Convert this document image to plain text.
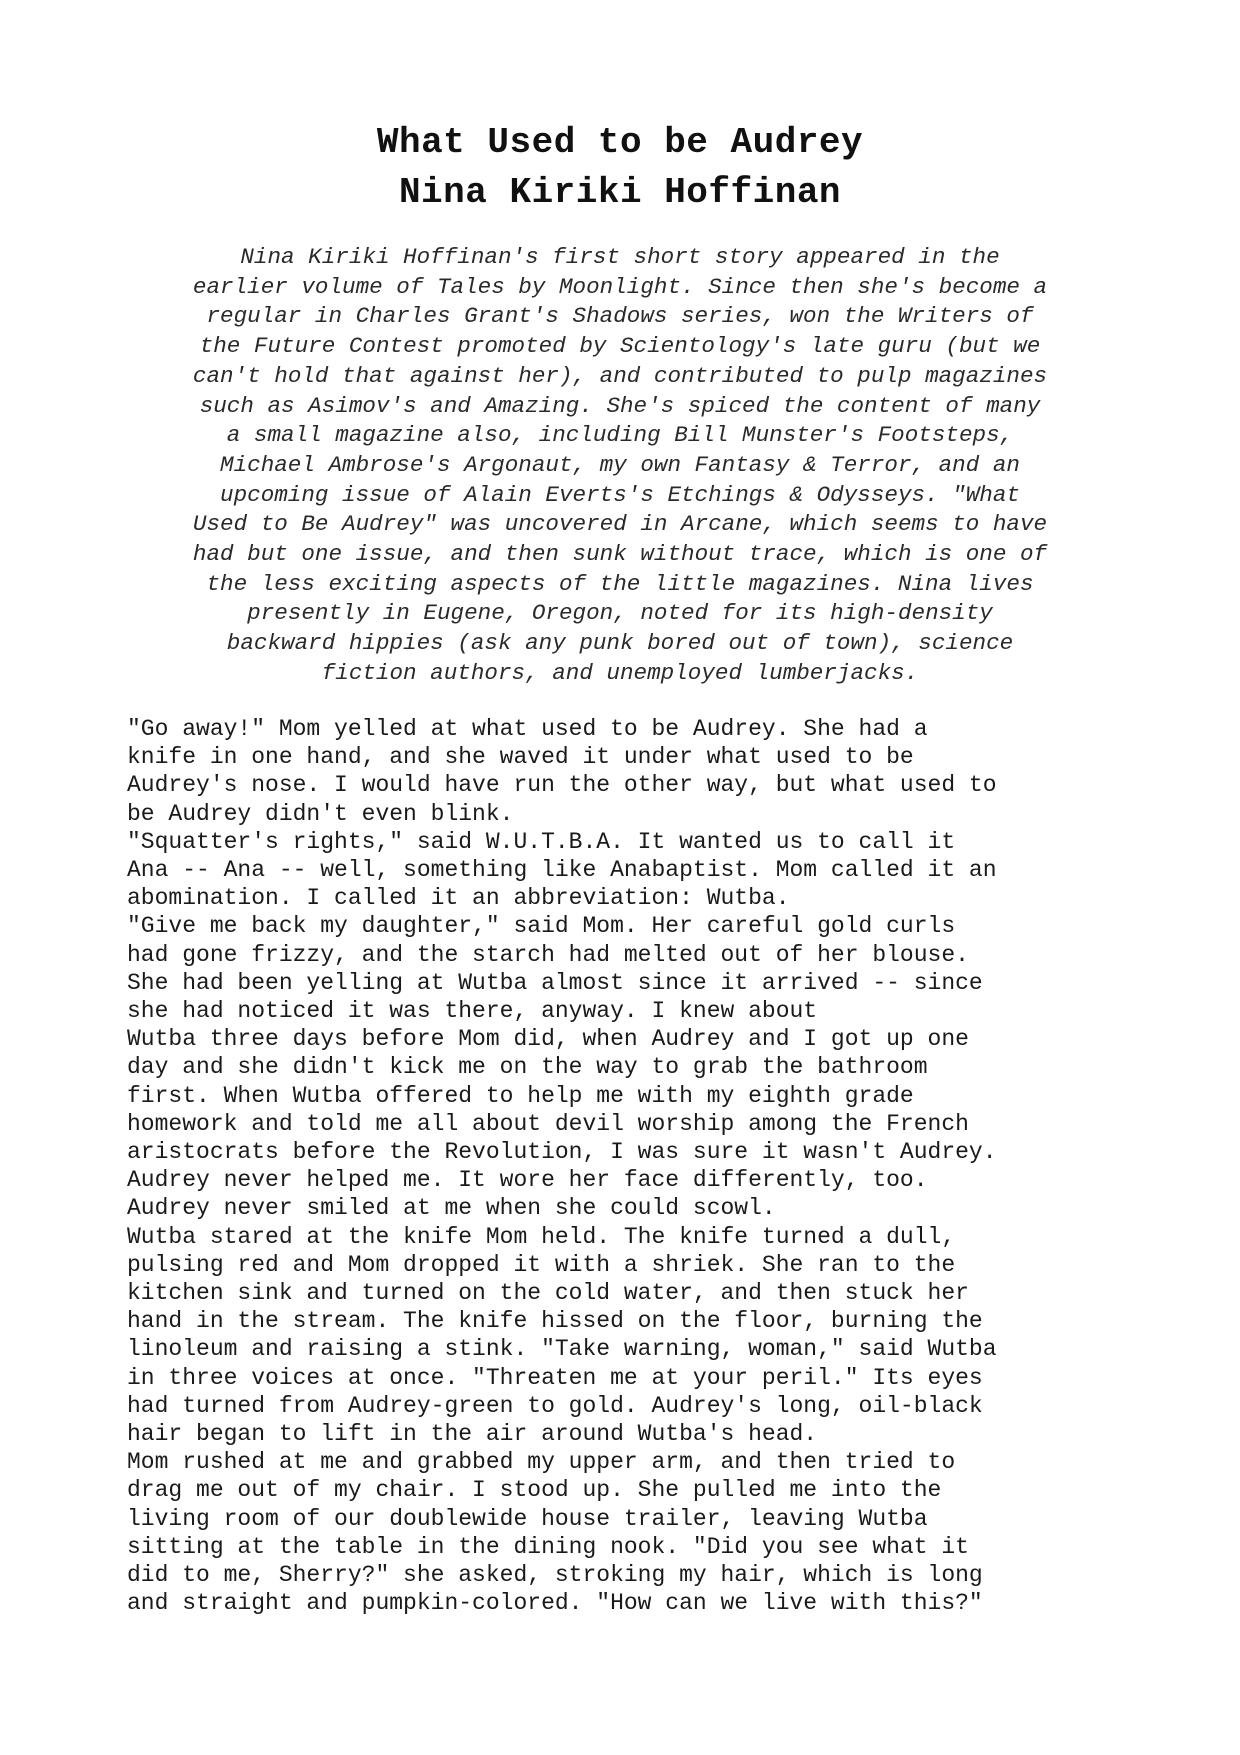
What Used to be Audrey
Nina Kiriki Hoffinan
Nina Kiriki Hoffinan's first short story appeared in the
earlier volume of Tales by Moonlight. Since then she's become a
regular in Charles Grant's Shadows series, won the Writers of
the Future Contest promoted by Scientology's late guru (but we
can't hold that against her), and contributed to pulp magazines
such as Asimov's and Amazing. She's spiced the content of many
a small magazine also, including Bill Munster's Footsteps,
Michael Ambrose's Argonaut, my own Fantasy & Terror, and an
upcoming issue of Alain Everts's Etchings & Odysseys. "What
Used to Be Audrey" was uncovered in Arcane, which seems to have
had but one issue, and then sunk without trace, which is one of
the less exciting aspects of the little magazines. Nina lives
presently in Eugene, Oregon, noted for its high-density
backward hippies (ask any punk bored out of town), science
fiction authors, and unemployed lumberjacks.
"Go away!" Mom yelled at what used to be Audrey. She had a
knife in one hand, and she waved it under what used to be
Audrey's nose. I would have run the other way, but what used to
be Audrey didn't even blink.
"Squatter's rights," said W.U.T.B.A. It wanted us to call it
Ana -- Ana -- well, something like Anabaptist. Mom called it an
abomination. I called it an abbreviation: Wutba.
"Give me back my daughter," said Mom. Her careful gold curls
had gone frizzy, and the starch had melted out of her blouse.
She had been yelling at Wutba almost since it arrived -- since
she had noticed it was there, anyway. I knew about
Wutba three days before Mom did, when Audrey and I got up one
day and she didn't kick me on the way to grab the bathroom
first. When Wutba offered to help me with my eighth grade
homework and told me all about devil worship among the French
aristocrats before the Revolution, I was sure it wasn't Audrey.
Audrey never helped me. It wore her face differently, too.
Audrey never smiled at me when she could scowl.
Wutba stared at the knife Mom held. The knife turned a dull,
pulsing red and Mom dropped it with a shriek. She ran to the
kitchen sink and turned on the cold water, and then stuck her
hand in the stream. The knife hissed on the floor, burning the
linoleum and raising a stink. "Take warning, woman," said Wutba
in three voices at once. "Threaten me at your peril." Its eyes
had turned from Audrey-green to gold. Audrey's long, oil-black
hair began to lift in the air around Wutba's head.
Mom rushed at me and grabbed my upper arm, and then tried to
drag me out of my chair. I stood up. She pulled me into the
living room of our doublewide house trailer, leaving Wutba
sitting at the table in the dining nook. "Did you see what it
did to me, Sherry?" she asked, stroking my hair, which is long
and straight and pumpkin-colored. "How can we live with this?"
